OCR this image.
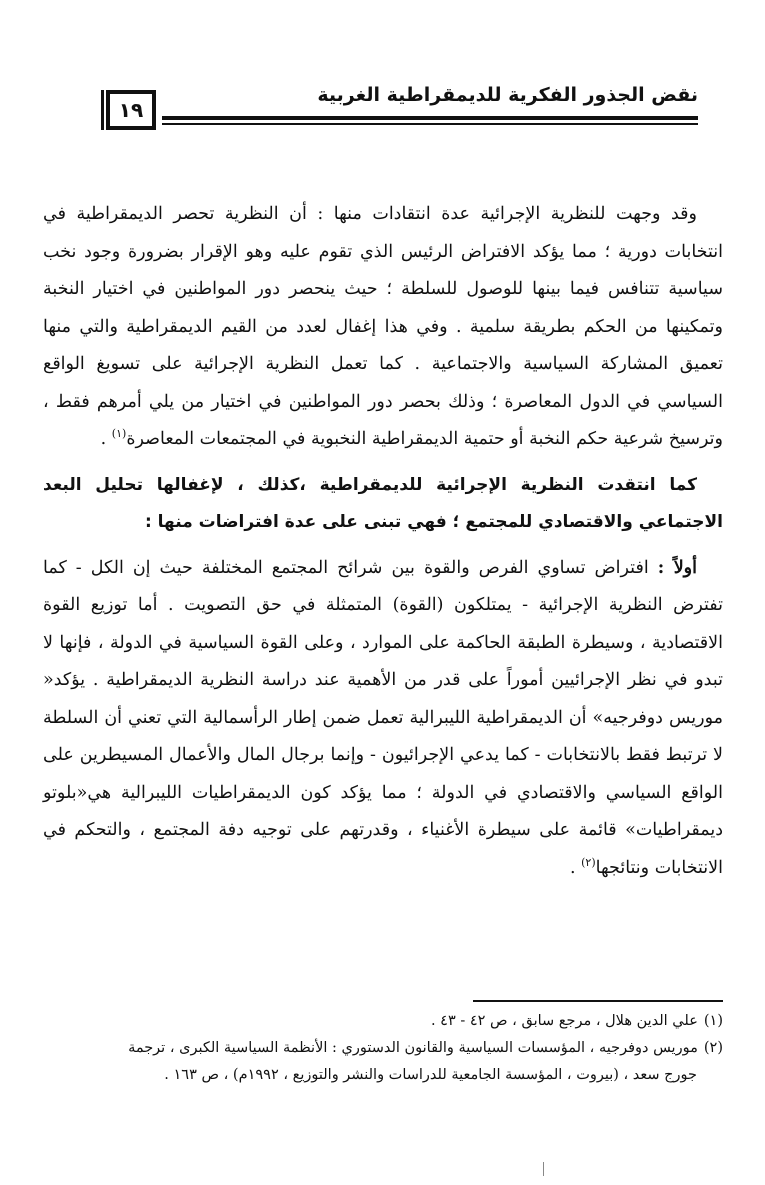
نقض الجذور الفكرية للديمقراطية الغربية
١٩

وقد وجهت للنظرية الإجرائية عدة انتقادات منها : أن النظرية تحصر الديمقراطية في انتخابات دورية ؛ مما يؤكد الافتراض الرئيس الذي تقوم عليه وهو الإقرار بضرورة وجود نخب سياسية تتنافس فيما بينها للوصول للسلطة ؛ حيث ينحصر دور المواطنين في اختيار النخبة وتمكينها من الحكم بطريقة سلمية . وفي هذا إغفال لعدد من القيم الديمقراطية والتي منها تعميق المشاركة السياسية والاجتماعية . كما تعمل النظرية الإجرائية على تسويغ الواقع السياسي في الدول المعاصرة ؛ وذلك بحصر دور المواطنين في اختيار من يلي أمرهم فقط ، وترسيخ شرعية حكم النخبة أو حتمية الديمقراطية النخبوية في المجتمعات المعاصرة$^{(١)}$ .

كما انتقدت النظرية الإجرائية للديمقراطية ،كذلك ، لإغفالها تحليل البعد الاجتماعي والاقتصادي للمجتمع ؛ فهي تبنى على عدة افتراضات منها :

أولاً : افتراض تساوي الفرص والقوة بين شرائح المجتمع المختلفة حيث إن الكل - كما تفترض النظرية الإجرائية - يمتلكون (القوة) المتمثلة في حق التصويت . أما توزيع القوة الاقتصادية ، وسيطرة الطبقة الحاكمة على الموارد ، وعلى القوة السياسية في الدولة ، فإنها لا تبدو في نظر الإجرائيين أموراً على قدر من الأهمية عند دراسة النظرية الديمقراطية . يؤكد« موريس دوفرجيه» أن الديمقراطية الليبرالية تعمل ضمن إطار الرأسمالية التي تعني أن السلطة لا ترتبط فقط بالانتخابات - كما يدعي الإجرائيون - وإنما برجال المال والأعمال المسيطرين على الواقع السياسي والاقتصادي في الدولة ؛ مما يؤكد كون الديمقراطيات الليبرالية هي«بلوتو ديمقراطيات» قائمة على سيطرة الأغنياء ، وقدرتهم على توجيه دفة المجتمع ، والتحكم في الانتخابات ونتائجها$^{(٢)}$ .

(١)علي الدين هلال ، مرجع سابق ، ص ٤٢ - ٤٣ .

(٢)موريس دوفرجيه ، المؤسسات السياسية والقانون الدستوري : الأنظمة السياسية الكبرى ، ترجمة

جورج سعد ، (بيروت ، المؤسسة الجامعية للدراسات والنشر والتوزيع ، ١٩٩٢م) ، ص ١٦٣ .
